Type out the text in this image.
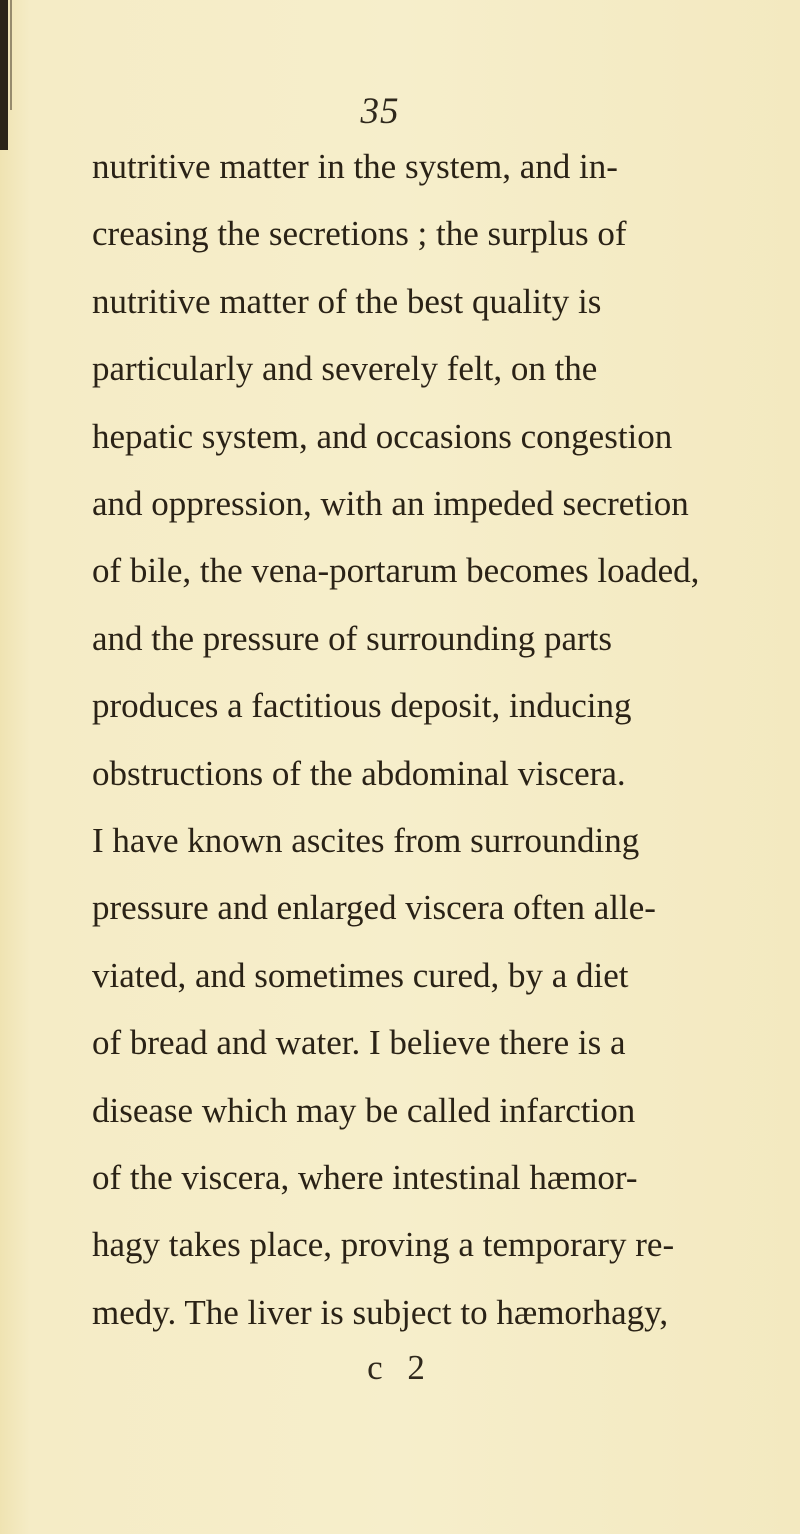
35
nutritive matter in the system, and in-
creasing the secretions ; the surplus of
nutritive matter of the best quality is
particularly and severely felt, on the
hepatic system, and occasions congestion
and oppression, with an impeded secretion
of bile, the vena-portarum becomes loaded,
and the pressure of surrounding parts
produces a factitious deposit, inducing
obstructions of the abdominal viscera.
I have known ascites from surrounding
pressure and enlarged viscera often alle-
viated, and sometimes cured, by a diet
of bread and water. I believe there is a
disease which may be called infarction
of the viscera, where intestinal hæmor-
hagy takes place, proving a temporary re-
medy. The liver is subject to hæmorhagy,
c 2
